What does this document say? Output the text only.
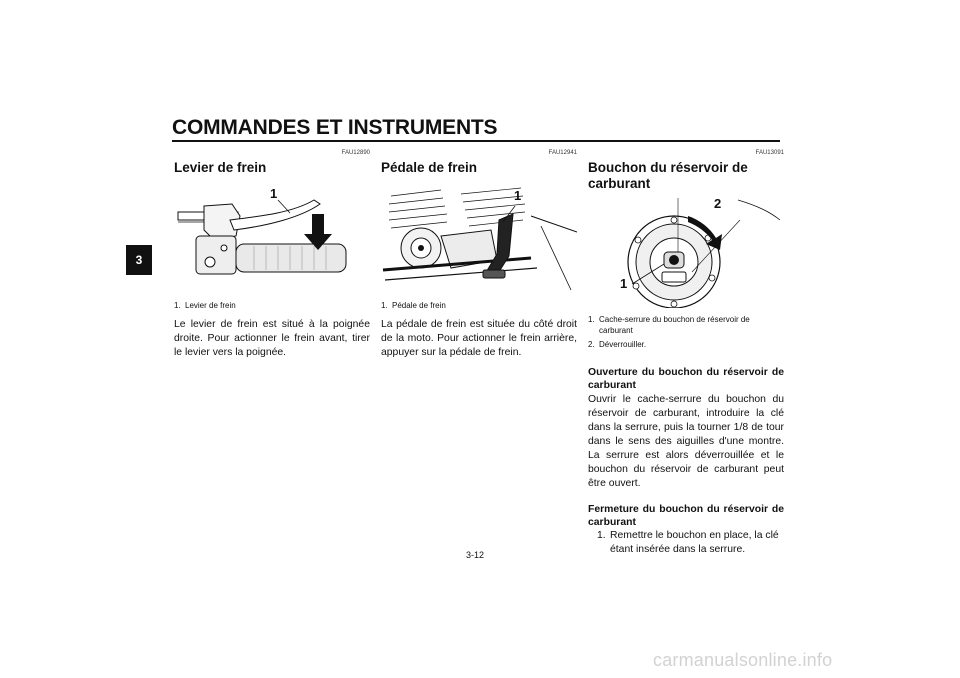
COMMANDES ET INSTRUMENTS
3
FAU12890
Levier de frein
1
1. Levier de frein
Le levier de frein est situé à la poignée droite. Pour actionner le frein avant, tirer le levier vers la poignée.
FAU12941
Pédale de frein
1
1. Pédale de frein
La pédale de frein est située du côté droit de la moto. Pour actionner le frein arrière, appuyer sur la pédale de frein.
FAU13091
Bouchon du réservoir de carburant
2
1
1. Cache-serrure du bouchon de réservoir de carburant
2. Déverrouiller.
Ouverture du bouchon du réservoir de carburant
Ouvrir le cache-serrure du bouchon du réservoir de carburant, introduire la clé dans la serrure, puis la tourner 1/8 de tour dans le sens des aiguilles d'une montre. La serrure est alors déverrouillée et le bouchon du réservoir de carburant peut être ouvert.
Fermeture du bouchon du réservoir de carburant
1. Remettre le bouchon en place, la clé étant insérée dans la serrure.
3-12
carmanualsonline.info
